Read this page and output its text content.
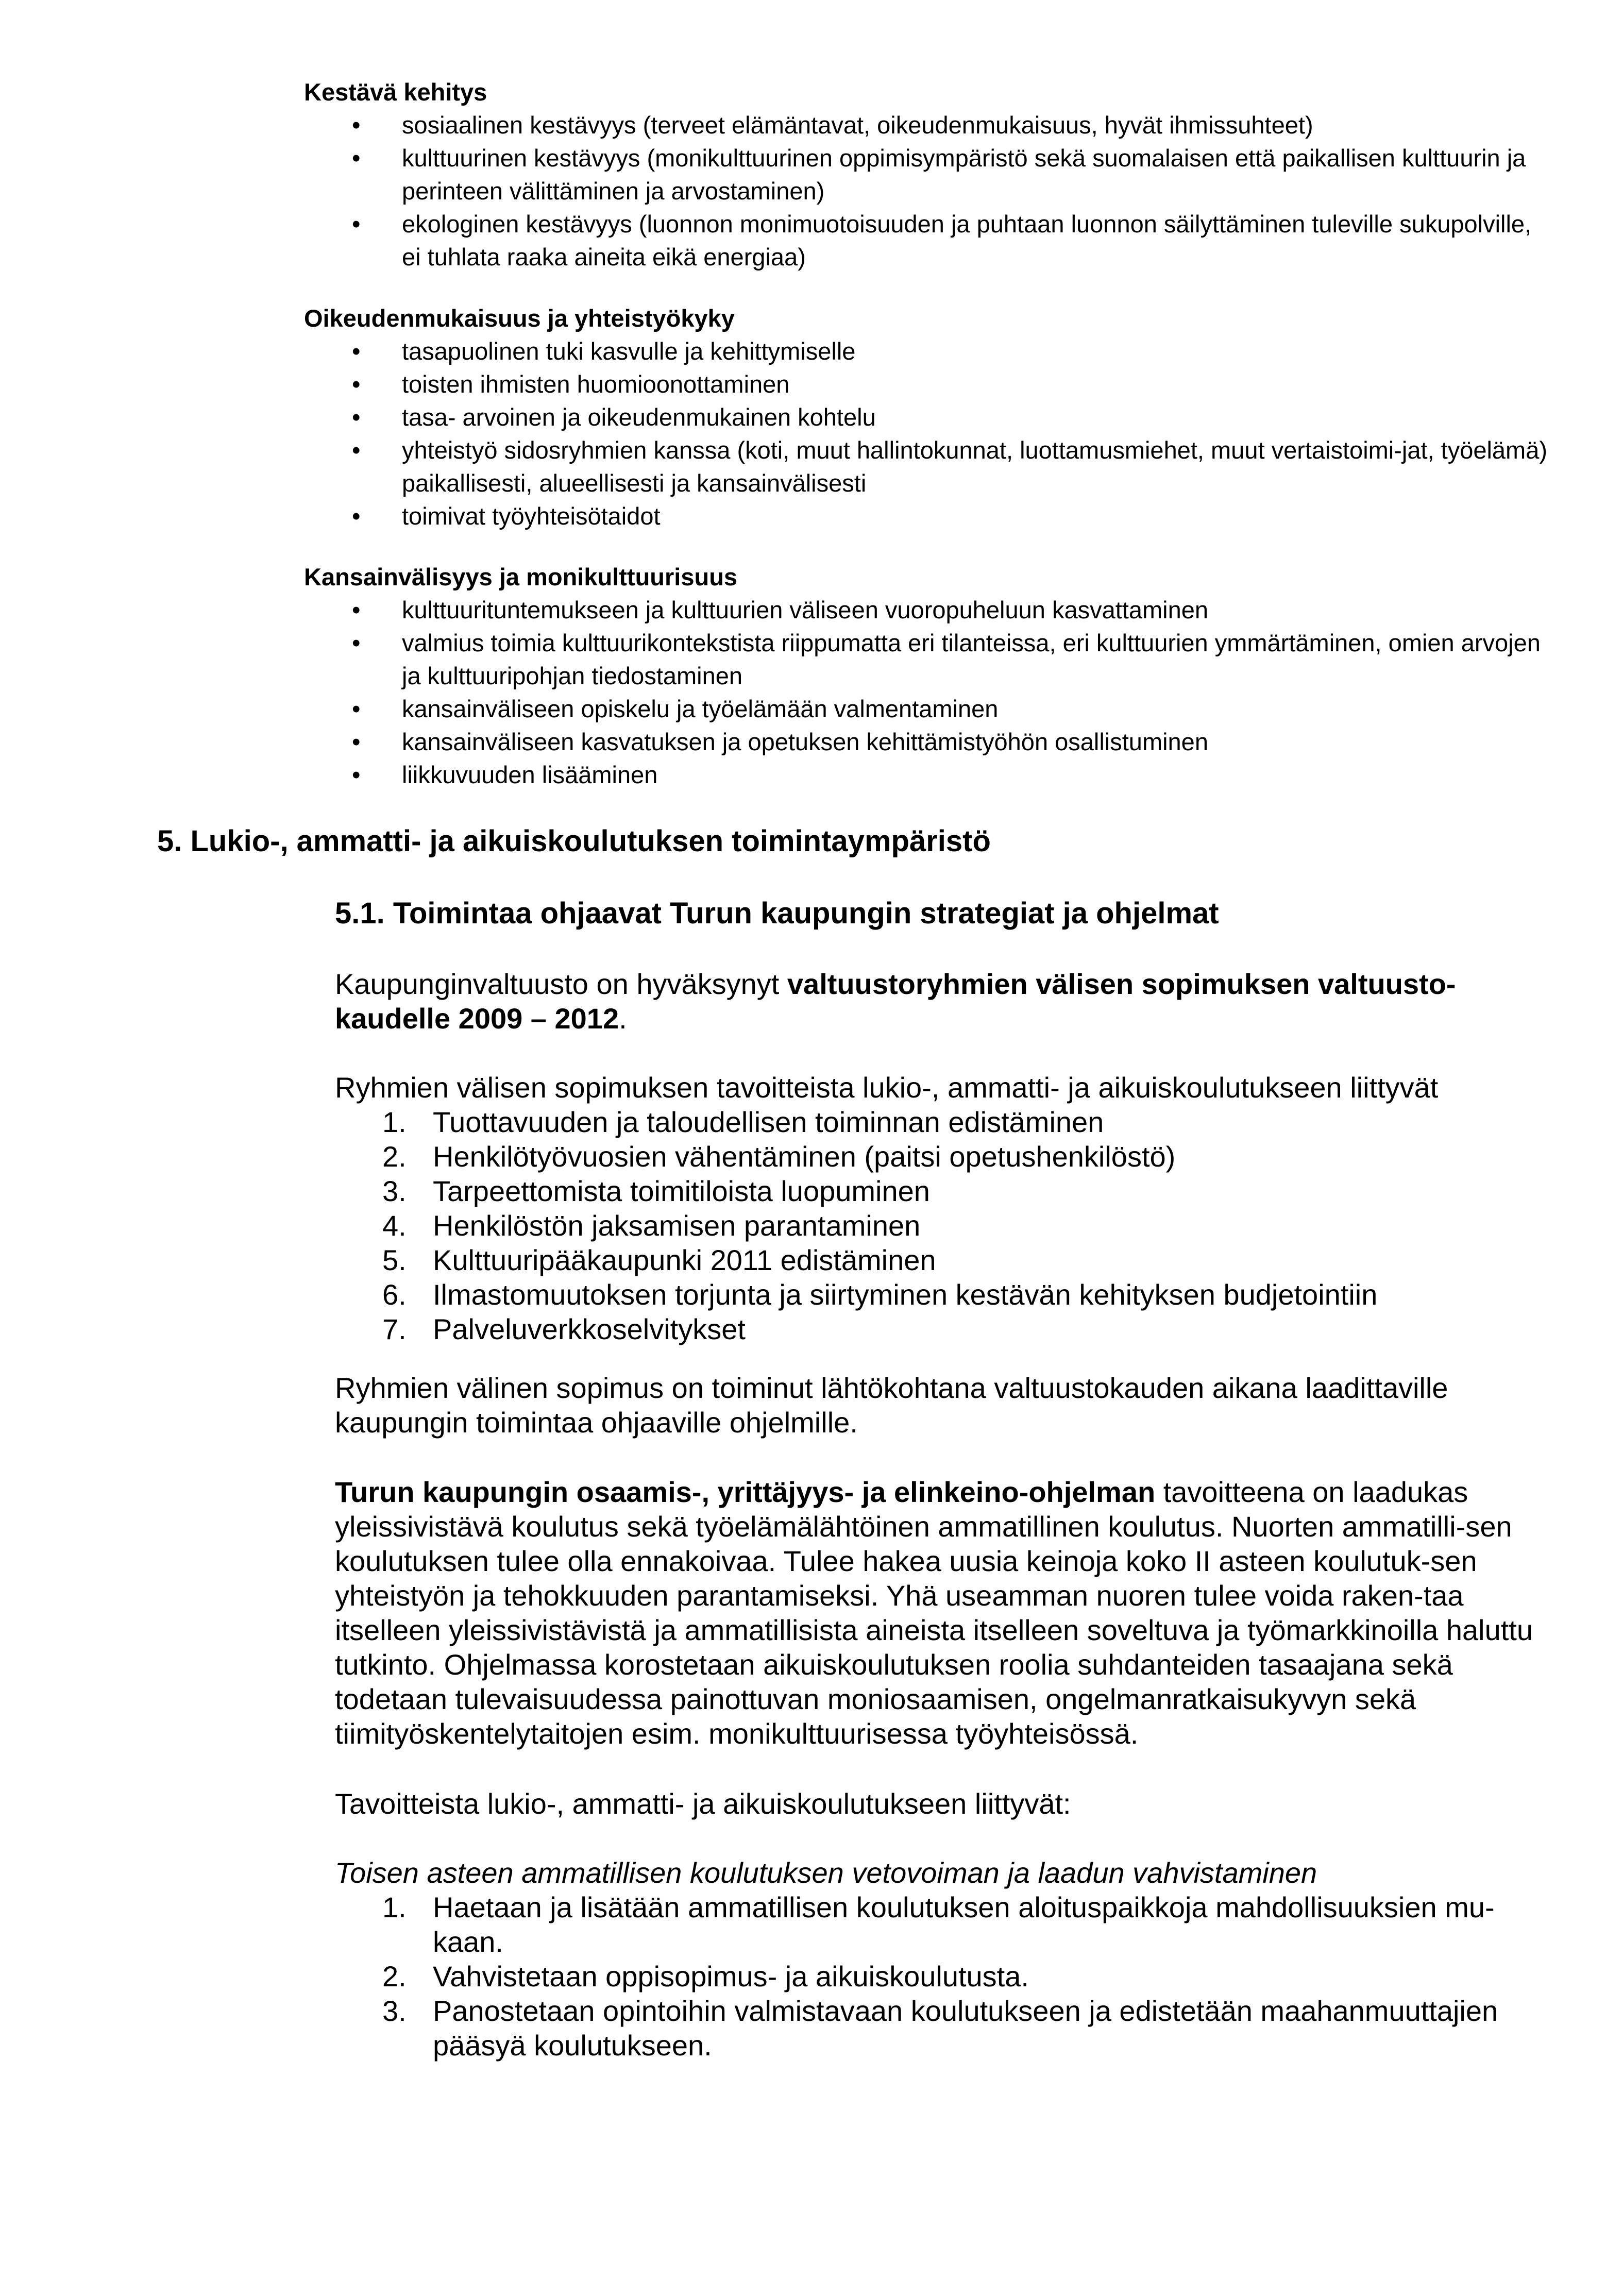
Kestävä kehitys

• sosiaalinen kestävyys (terveet elämäntavat, oikeudenmukaisuus, hyvät ihmissuhteet)
• kulttuurinen kestävyys (monikulttuurinen oppimisympäristö sekä suomalaisen että paikallisen kulttuurin ja perinteen välittäminen ja arvostaminen)
• ekologinen kestävyys (luonnon monimuotoisuuden ja puhtaan luonnon säilyttäminen tuleville sukupolville, ei tuhlata raaka aineita eikä energiaa)

Oikeudenmukaisuus ja yhteistyökyky

• tasapuolinen tuki kasvulle ja kehittymiselle
• toisten ihmisten huomioonottaminen
• tasa- arvoinen ja oikeudenmukainen kohtelu
• yhteistyö sidosryhmien kanssa (koti, muut hallintokunnat, luottamusmiehet, muut vertaistoimi-jat, työelämä) paikallisesti, alueellisesti ja kansainvälisesti
• toimivat työyhteisötaidot

Kansainvälisyys ja monikulttuurisuus

• kulttuurituntemukseen ja kulttuurien väliseen vuoropuheluun kasvattaminen
• valmius toimia kulttuurikontekstista riippumatta eri tilanteissa, eri kulttuurien ymmärtäminen, omien arvojen ja kulttuuripohjan tiedostaminen
• kansainväliseen opiskelu ja työelämään valmentaminen
• kansainväliseen kasvatuksen ja opetuksen kehittämistyöhön osallistuminen
• liikkuvuuden lisääminen
5. Lukio-, ammatti- ja aikuiskoulutuksen toimintaympäristö
5.1. Toimintaa ohjaavat Turun kaupungin strategiat ja ohjelmat

Kaupunginvaltuusto on hyväksynyt valtuustoryhmien välisen sopimuksen valtuusto-kaudelle 2009 – 2012.

Ryhmien välisen sopimuksen tavoitteista lukio-, ammatti- ja aikuiskoulutukseen liittyvät

1. Tuottavuuden ja taloudellisen toiminnan edistäminen
2. Henkilötyövuosien vähentäminen (paitsi opetushenkilöstö)
3. Tarpeettomista toimitiloista luopuminen
4. Henkilöstön jaksamisen parantaminen
5. Kulttuuripääkaupunki 2011 edistäminen
6. Ilmastomuutoksen torjunta ja siirtyminen kestävän kehityksen budjetointiin
7. Palveluverkkoselvitykset

Ryhmien välinen sopimus on toiminut lähtökohtana valtuustokauden aikana laadittaville kaupungin toimintaa ohjaaville ohjelmille.

Turun kaupungin osaamis-, yrittäjyys- ja elinkeino-ohjelman tavoitteena on laadukas yleissivistävä koulutus sekä työelämälähtöinen ammatillinen koulutus. Nuorten ammatilli-sen koulutuksen tulee olla ennakoivaa. Tulee hakea uusia keinoja koko II asteen koulutuk-sen yhteistyön ja tehokkuuden parantamiseksi. Yhä useamman nuoren tulee voida raken-taa itselleen yleissivistävistä ja ammatillisista aineista itselleen soveltuva ja työmarkkinoilla haluttu tutkinto. Ohjelmassa korostetaan aikuiskoulutuksen roolia suhdanteiden tasaajana sekä todetaan tulevaisuudessa painottuvan moniosaamisen, ongelmanratkaisukyvyn sekä tiimityöskentelytaitojen esim. monikulttuurisessa työyhteisössä.

Tavoitteista lukio-, ammatti- ja aikuiskoulutukseen liittyvät:

Toisen asteen ammatillisen koulutuksen vetovoiman ja laadun vahvistaminen

1. Haetaan ja lisätään ammatillisen koulutuksen aloituspaikkoja mahdollisuuksien mu-kaan.
2. Vahvistetaan oppisopimus- ja aikuiskoulutusta.
3. Panostetaan opintoihin valmistavaan koulutukseen ja edistetään maahanmuuttajien pääsyä koulutukseen.
